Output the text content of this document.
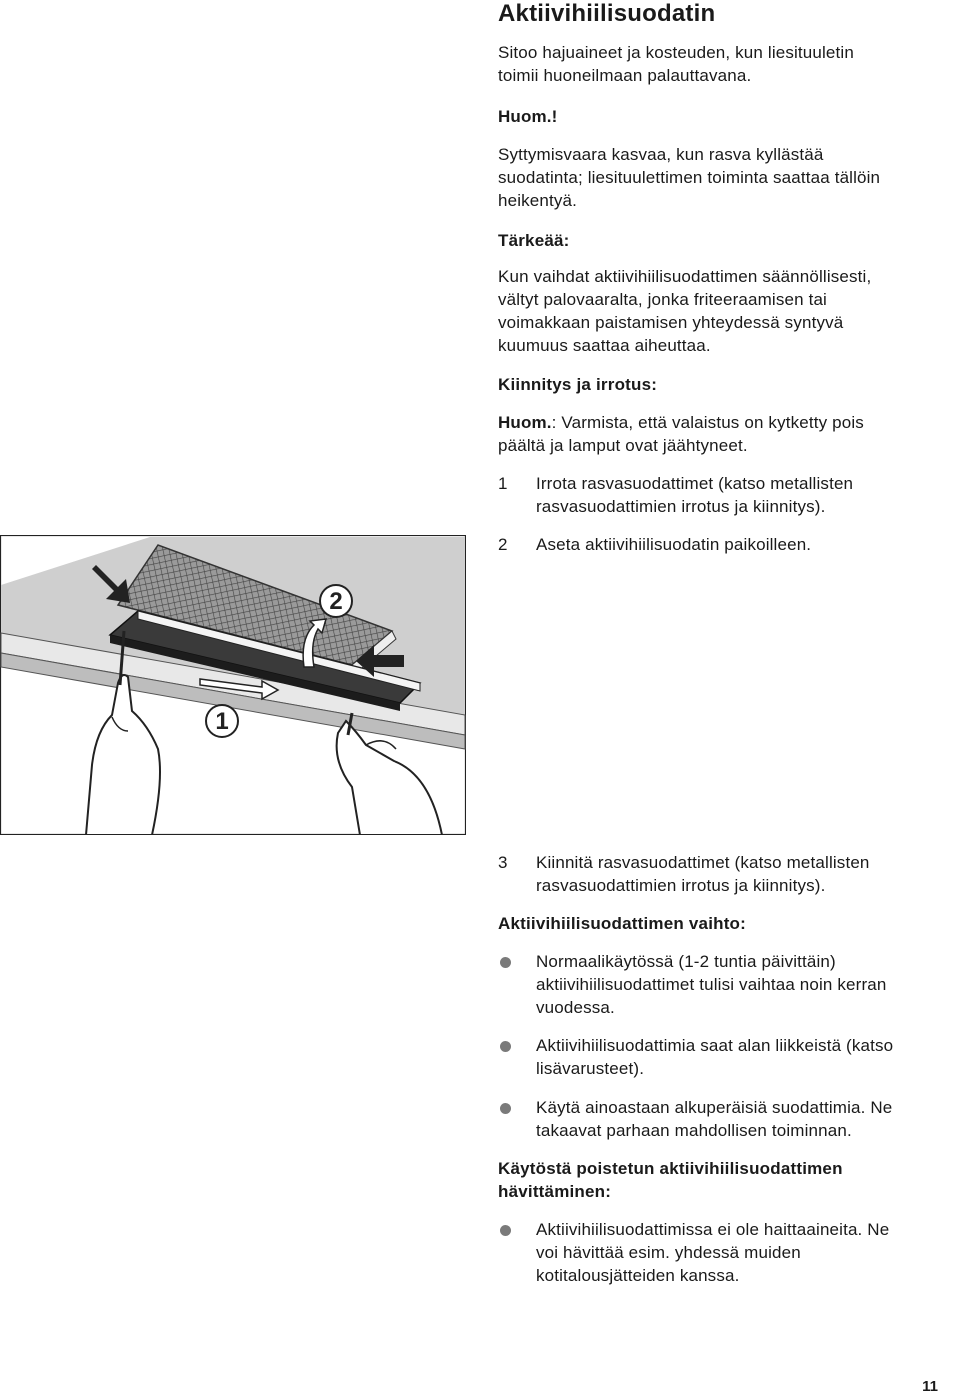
Aktiivihiilisuodatin

Sitoo hajuaineet ja kosteuden, kun liesituuletin

toimii huoneilmaan palauttavana.

Huom.!

Syttymisvaara kasvaa, kun rasva kyllästää

suodatinta; liesituulettimen toiminta saattaa tällöin

heikentyä.

Tärkeää:

Kun vaihdat aktiivihiilisuodattimen säännöllisesti,

vältyt palovaaralta, jonka friteeraamisen tai

voimakkaan paistamisen yhteydessä syntyvä

kuumuus saattaa aiheuttaa.

Kiinnitys ja irrotus:

Huom.: Varmista, että valaistus on kytketty pois

päältä ja lamput ovat jäähtyneet.

1 Irrota rasvasuodattimet (katso metallisten

rasvasuodattimien irrotus ja kiinnitys).

2 Aseta aktiivihiilisuodatin paikoilleen.

2
1
3 Kiinnitä rasvasuodattimet (katso metallisten

rasvasuodattimien irrotus ja kiinnitys).

Aktiivihiilisuodattimen vaihto:

Normaalikäytössä (1-2 tuntia päivittäin)

aktiivihiilisuodattimet tulisi vaihtaa noin kerran

vuodessa.

Aktiivihiilisuodattimia saat alan liikkeistä (katso

lisävarusteet).

Käytä ainoastaan alkuperäisiä suodattimia. Ne

takaavat parhaan mahdollisen toiminnan.

Käytöstä poistetun aktiivihiilisuodattimen

hävittäminen:

Aktiivihiilisuodattimissa ei ole haittaaineita. Ne

voi hävittää esim. yhdessä muiden

kotitalousjätteiden kanssa.

11
